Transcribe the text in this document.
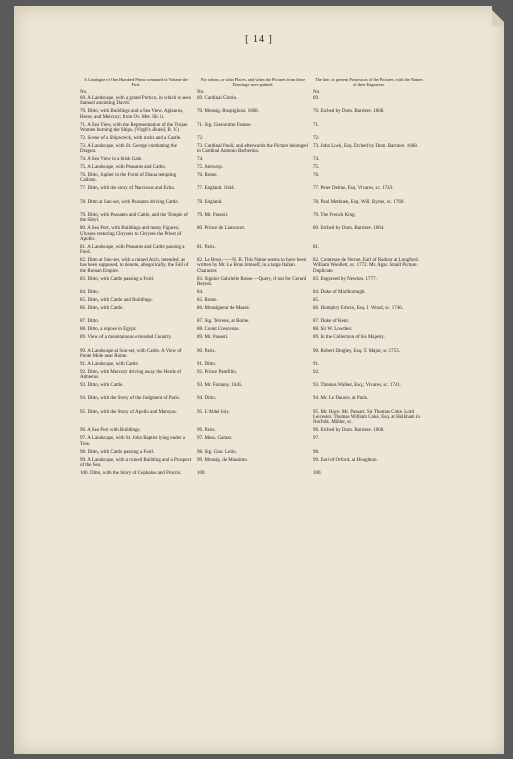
[ 14 ]
A Catalogue of One Hundred Prints contained in Volume the First.
No.
69. A Landscape, with a grand Portico, in which is seen Samuel anointing David.
70. Ditto, with Buildings and a Sea View. Aglauros, Herse, and Mercury; from Ov. Met. lib. ii.
71. A Sea View, with the Representation of the Trojan Women burning the Ships. (Virgil's Æneid, B. V.)
72. Scene of a Shipwreck, with rocks and a Castle.
73. A Landscape, with St. George combating the Dragon.
74. A Sea View in a brisk Gale.
75. A Landscape, with Peasants and Cattle.
76. Ditto, Jupiter in the Form of Diana tempting Callisto.
77. Ditto, with the story of Narcissus and Echo.
78. Ditto at Sun-set, with Peasants driving Cattle.
79. Ditto, with Peasants and Cattle, and the Temple of the Sibyl.
80. A Sea Port, with Buildings and many Figures; Ulysses restoring Chryseis to Chryses the Priest of Apollo.
81. A Landscape, with Peasants and Cattle passing a Ford.
82. Ditto at Sun-set, with a ruined Arch, intended, as has been supposed, to denote, allegorically, the Fall of the Roman Empire.
83. Ditto, with Cattle passing a Ford.
84. Ditto.
85. Ditto, with Cattle and Buildings.
86. Ditto, with Cattle.
87. Ditto.
88. Ditto, a repose in Egypt.
89. View of a mountainous extended Country.
90. A Landscape at Sun-set, with Cattle. A View of Ponte Mole near Rome.
91. A Landscape, with Cattle.
92. Ditto, with Mercury driving away the Herds of Admetus.
93. Ditto, with Cattle.
94. Ditto, with the Story of the Judgment of Paris.
95. Ditto, with the Story of Apollo and Marsyas.
96. A Sea Port with Buildings.
97. A Landscape, with St. John Baptist lying under a Tree.
98. Ditto, with Cattle passing a Ford.
99. A Landscape, with a ruined Building and a Prospect of the Sea.
100. Ditto, with the Story of Cephalus and Procris.
For whom, or what Places, and when the Pictures from these Drawings were painted.
No.
69. Cardinal Giorio.
70. Monsig. Rospigliosi. 1668.
71. Sig. Gieronimo Fanese.
72.
73. Cardinal Paoli; and afterwards the Picture belonged to Cardinal Antonio Barberino.
74.
75. Antwerp.
76. Rome.
77. England. 1644.
78. England.
79. Mr. Passeri.
80. Prince de Liancourt.
81. Paris.
82. Le Brun.——N. B. This Name seems to have been written by Mr. Le Brun himself, in a large Italian Character.
83. Signior Gabrielle Rosse.—Query, if not for Gerard Reynst.
84.
85. Rome.
86. Monsigneur de Massé.
87. Sig. Terrene, at Rome.
88. Count Crescenze.
89. Mr. Passeri.
90. Paris.
91. Ditto.
92. Prince Pamfilio.
93. Mr. Fontany. 1645.
94. Ditto.
95. L'Abbé Joly.
96. Paris.
97. Mess. Gamar.
98. Sig. Gior. Lelio.
99. Monsig. de Massimo.
100.
The late, or present Possessors of the Pictures; with the Names of their Engravers.
No.
69.
70. Etched by Dom. Barriere. 1668.
71.
72.
73. John Lock, Esq. Etched by Dom. Barriere. 1668.
74.
75.
76.
77. Peter Delme, Esq. Vivares, sc. 1743.
78. Paul Methuen, Esq. Will. Byrne, sc. 1769.
79. The French King.
80. Etched by Dom. Barriere. 1664.
81.
82. Comtesse de Verrue. Earl of Radnor at Longford. William Woollett, sc. 1772. Mr. Agar. Small Picture. Duplicate.
83. Engraved by Newton. 1777.
84. Duke of Marlborough.
85.
86. Humphry Edwin, Esq. J. Wood, sc. 1746.
87. Duke of Kent.
88. Sir W. Lowther.
89. In the Collection of his Majesty.
90. Robert Dingley, Esq. T. Major, sc 1753.
91.
92.
93. Thomas Walker, Esq.; Vivares, sc. 1741.
94. Mr. Le Dauois, at Paris.
95. Mr. Haye. Mr. Passart. Sir Thomas Coke. Lord Leicester. Thomas William Coke, Esq. at Holkham in Norfolk. Müller, sc.
96. Etched by Dom. Barriere. 1660.
97.
98.
99. Earl of Orford, at Houghton.
100.
